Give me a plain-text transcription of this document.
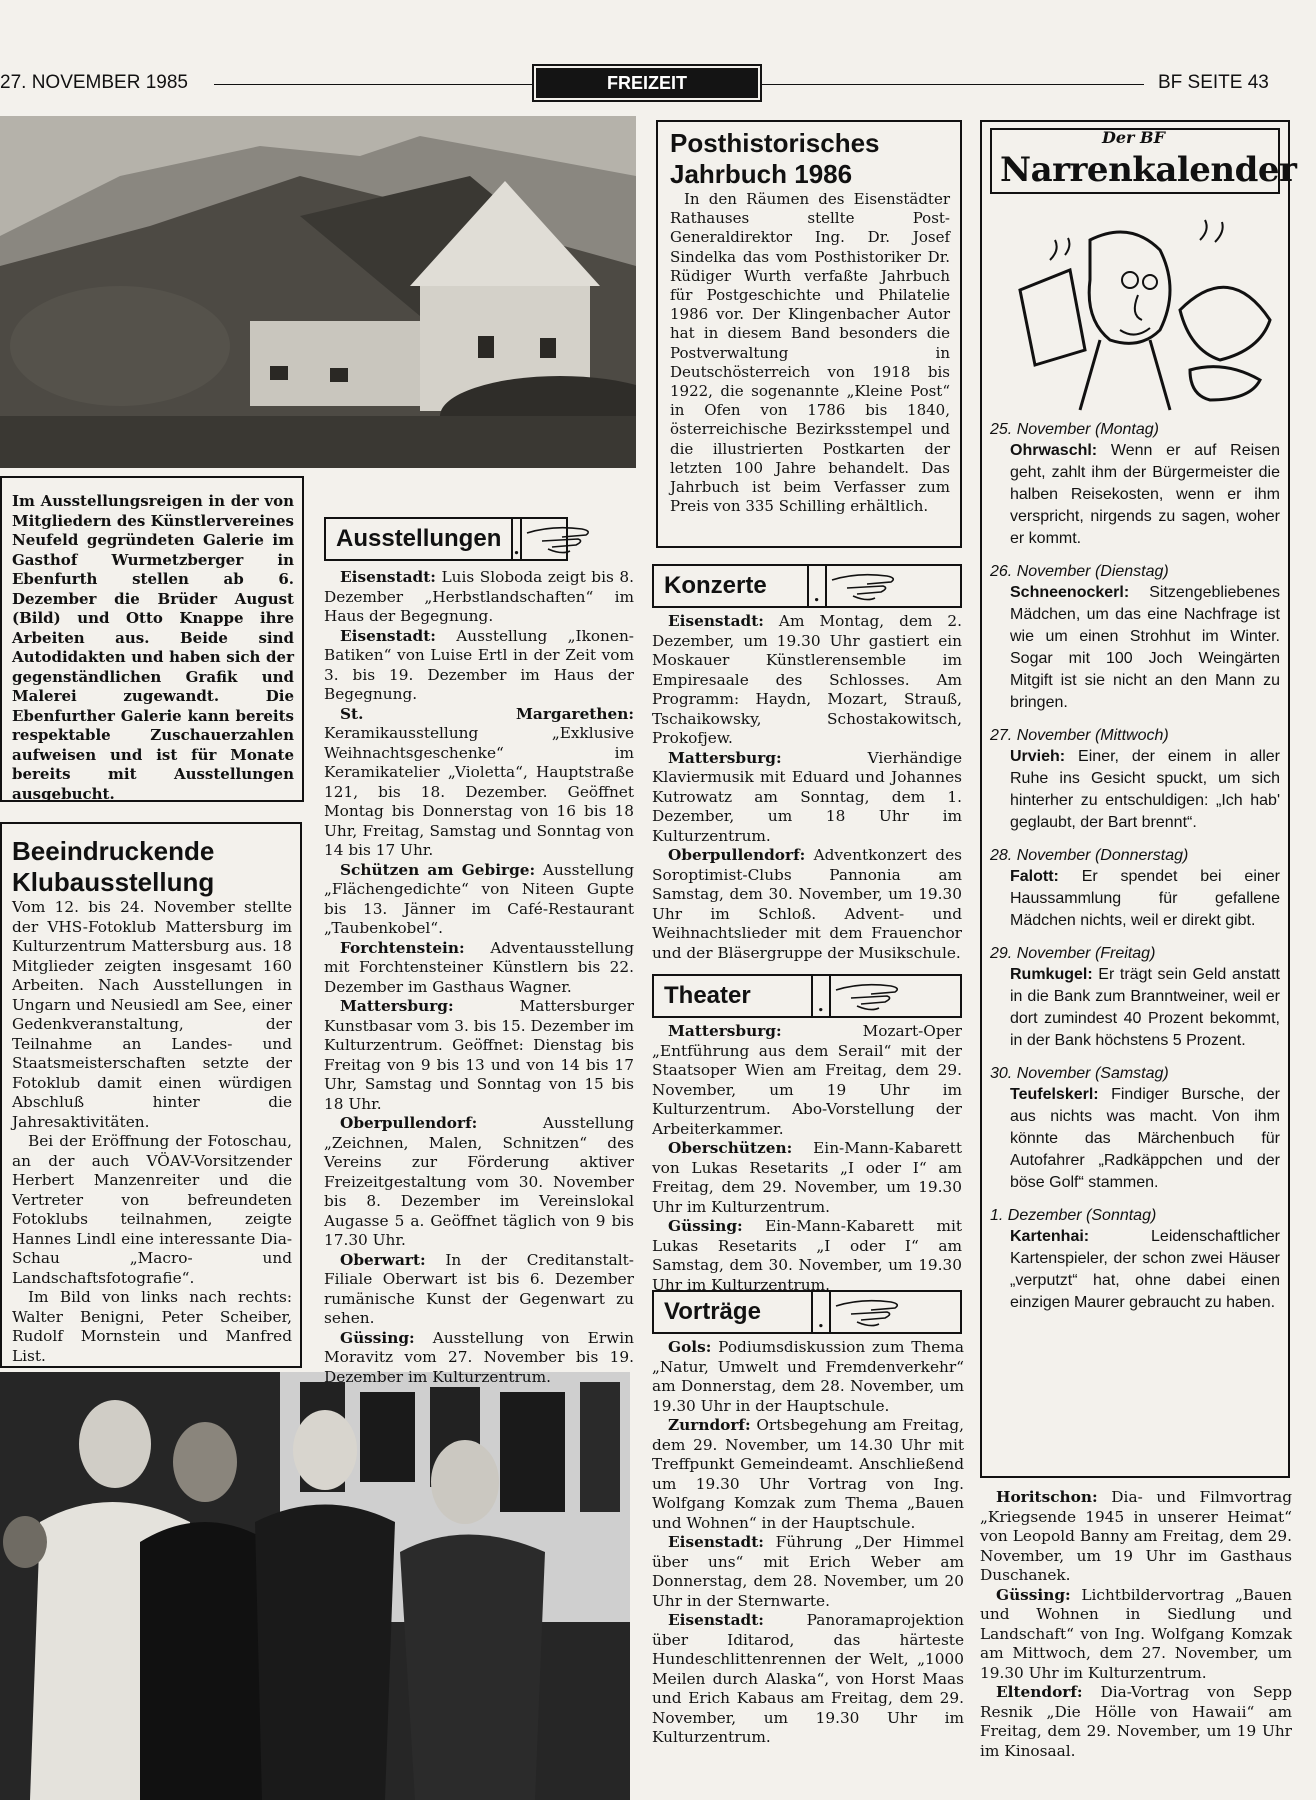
27. NOVEMBER 1985	FREIZEIT	BF SEITE 43
Im Ausstellungsreigen in der von Mitgliedern des Künstlervereines Neufeld gegründeten Galerie im Gasthof Wurmetzberger in Ebenfurth stellen ab 6. Dezember die Brüder August (Bild) und Otto Knappe ihre Arbeiten aus. Beide sind Autodidakten und haben sich der gegenständlichen Grafik und Malerei zugewandt. Die Ebenfurther Galerie kann bereits respektable Zuschauerzahlen aufweisen und ist für Monate bereits mit Ausstellungen ausgebucht.
Beeindruckende Klubausstellung

Vom 12. bis 24. November stellte der VHS-Fotoklub Mattersburg im Kulturzentrum Mattersburg aus. 18 Mitglieder zeigten insgesamt 160 Arbeiten. Nach Ausstellungen in Ungarn und Neusiedl am See, einer Gedenkveranstaltung, der Teilnahme an Landes- und Staatsmeisterschaften setzte der Fotoklub damit einen würdigen Abschluß hinter die Jahresaktivitäten.

Bei der Eröffnung der Fotoschau, an der auch VÖAV-Vorsitzender Herbert Manzenreiter und die Vertreter von befreundeten Fotoklubs teilnahmen, zeigte Hannes Lindl eine interessante Dia-Schau „Macro- und Landschaftsfotografie“.

Im Bild von links nach rechts: Walter Benigni, Peter Scheiber, Rudolf Mornstein und Manfred List.

Ausstellungen .

Eisenstadt: Luis Sloboda zeigt bis 8. Dezember „Herbstlandschaften“ im Haus der Begegnung.

Eisenstadt: Ausstellung „Ikonen-Batiken“ von Luise Ertl in der Zeit vom 3. bis 19. Dezember im Haus der Begegnung.

St. Margarethen: Keramikausstellung „Exklusive Weihnachtsgeschenke“ im Keramikatelier „Violetta“, Hauptstraße 121, bis 18. Dezember. Geöffnet Montag bis Donnerstag von 16 bis 18 Uhr, Freitag, Samstag und Sonntag von 14 bis 17 Uhr.

Schützen am Gebirge: Ausstellung „Flächengedichte“ von Niteen Gupte bis 13. Jänner im Café-Restaurant „Taubenkobel“.

Forchtenstein: Adventausstellung mit Forchtensteiner Künstlern bis 22. Dezember im Gasthaus Wagner.

Mattersburg:	Mattersburger Kunstbasar vom 3. bis 15. Dezember im Kulturzentrum. Geöffnet: Dienstag bis Freitag von 9 bis 13 und von 14 bis 17 Uhr, Samstag und Sonntag von 15 bis 18 Uhr.

Oberpullendorf:	Ausstellung „Zeichnen, Malen, Schnitzen“ des Vereins zur Förderung aktiver Freizeitgestaltung vom 30. November bis 8. Dezember im Vereinslokal Augasse 5 a. Geöffnet täglich von 9 bis 17.30 Uhr.

Oberwart: In der Creditanstalt-Filiale Oberwart ist bis 6. Dezember rumänische Kunst der Gegenwart zu sehen.

Güssing: Ausstellung von Erwin Moravitz vom 27. November bis 19. Dezember im Kulturzentrum.

Posthistorisches Jahrbuch 1986
In den Räumen des Eisenstädter Rathauses stellte Post-Generaldirektor Ing. Dr. Josef Sindelka das vom Posthistoriker Dr. Rüdiger Wurth verfaßte Jahrbuch für Postgeschichte und Philatelie 1986 vor. Der Klingenbacher Autor hat in diesem Band besonders die Postverwaltung in Deutschösterreich von 1918 bis 1922, die sogenannte „Kleine Post“ in Ofen von 1786 bis 1840, österreichische Bezirksstempel und die illustrierten Postkarten der letzten 100 Jahre behandelt. Das Jahrbuch ist beim Verfasser zum Preis von 335 Schilling erhältlich.
Konzerte	.

Eisenstadt: Am Montag, dem 2. Dezember, um 19.30 Uhr gastiert ein Moskauer Künstlerensemble im Empiresaale des Schlosses. Am Programm: Haydn, Mozart, Strauß, Tschaikowsky, Schostakowitsch, Prokofjew.

Mattersburg:	Vierhändige Klaviermusik mit Eduard und Johannes Kutrowatz am Sonntag, dem 1. Dezember, um 18 Uhr im Kulturzentrum.

Oberpullendorf: Adventkonzert des Soroptimist-Clubs Pannonia am Samstag, dem 30. November, um 19.30 Uhr im Schloß. Advent- und Weihnachtslieder mit dem Frauenchor und der Bläsergruppe der Musikschule.

Theater	.

Mattersburg:	Mozart-Oper „Entführung aus dem Serail“ mit der Staatsoper Wien am Freitag, dem 29. November, um 19 Uhr im Kulturzentrum. Abo-Vorstellung der Arbeiterkammer.

Oberschützen: Ein-Mann-Kabarett von Lukas Resetarits „I oder I“ am Freitag, dem 29. November, um 19.30 Uhr im Kulturzentrum.

Güssing: Ein-Mann-Kabarett mit Lukas Resetarits „I oder I“ am Samstag, dem 30. November, um 19.30 Uhr im Kulturzentrum.

Vorträge	.

Gols: Podiumsdiskussion zum Thema „Natur, Umwelt und Fremdenverkehr“ am Donnerstag, dem 28. November, um 19.30 Uhr in der Hauptschule.

Zurndorf: Ortsbegehung am Freitag, dem 29. November, um 14.30 Uhr mit Treffpunkt Gemeindeamt. Anschließend um 19.30 Uhr Vortrag von Ing. Wolfgang Komzak zum Thema „Bauen und Wohnen“ in der Hauptschule.

Eisenstadt: Führung „Der Himmel über uns“ mit Erich Weber am Donnerstag, dem 28. November, um 20 Uhr in der Sternwarte.

Eisenstadt:	Panoramaprojektion über Iditarod, das härteste Hundeschlittenrennen der Welt, „1000 Meilen durch Alaska“, von Horst Maas und Erich Kabaus am Freitag, dem 29. November, um 19.30 Uhr im Kulturzentrum.

Der BF
Narrenkalender
25. November (Montag)
Ohrwaschl: Wenn er auf Reisen geht, zahlt ihm der Bürgermeister die halben Reisekosten, wenn er ihm verspricht, nirgends zu sagen, woher er kommt.
26. November (Dienstag)
Schneenockerl: Sitzengebliebenes Mädchen, um das eine Nachfrage ist wie um einen Strohhut im Winter. Sogar mit 100 Joch Weingärten Mitgift ist sie nicht an den Mann zu bringen.
27. November (Mittwoch)
Urvieh: Einer, der einem in aller Ruhe ins Gesicht spuckt, um sich hinterher zu entschuldigen: „Ich hab' geglaubt, der Bart brennt“.
28. November (Donnerstag)
Falott: Er spendet bei einer Haussammlung für gefallene Mädchen nichts, weil er direkt gibt.
29. November (Freitag)
Rumkugel: Er trägt sein Geld anstatt in die Bank zum Branntweiner, weil er dort zumindest 40 Prozent bekommt, in der Bank höchstens 5 Prozent.
30. November (Samstag)
Teufelskerl: Findiger Bursche, der aus nichts was macht. Von ihm könnte das Märchenbuch für Autofahrer „Radkäppchen und der böse Golf“ stammen.
1. Dezember (Sonntag)
Kartenhai:	Leidenschaftlicher Kartenspieler, der schon zwei Häuser „verputzt“ hat, ohne dabei einen einzigen Maurer gebraucht zu haben.

Horitschon: Dia- und Filmvortrag „Kriegsende 1945 in unserer Heimat“ von Leopold Banny am Freitag, dem 29. November, um 19 Uhr im Gasthaus Duschanek.

Güssing: Lichtbildervortrag „Bauen und Wohnen in Siedlung und Landschaft“ von Ing. Wolfgang Komzak am Mittwoch, dem 27. November, um 19.30 Uhr im Kulturzentrum.

Eltendorf: Dia-Vortrag von Sepp Resnik „Die Hölle von Hawaii“ am Freitag, dem 29. November, um 19 Uhr im Kinosaal.
